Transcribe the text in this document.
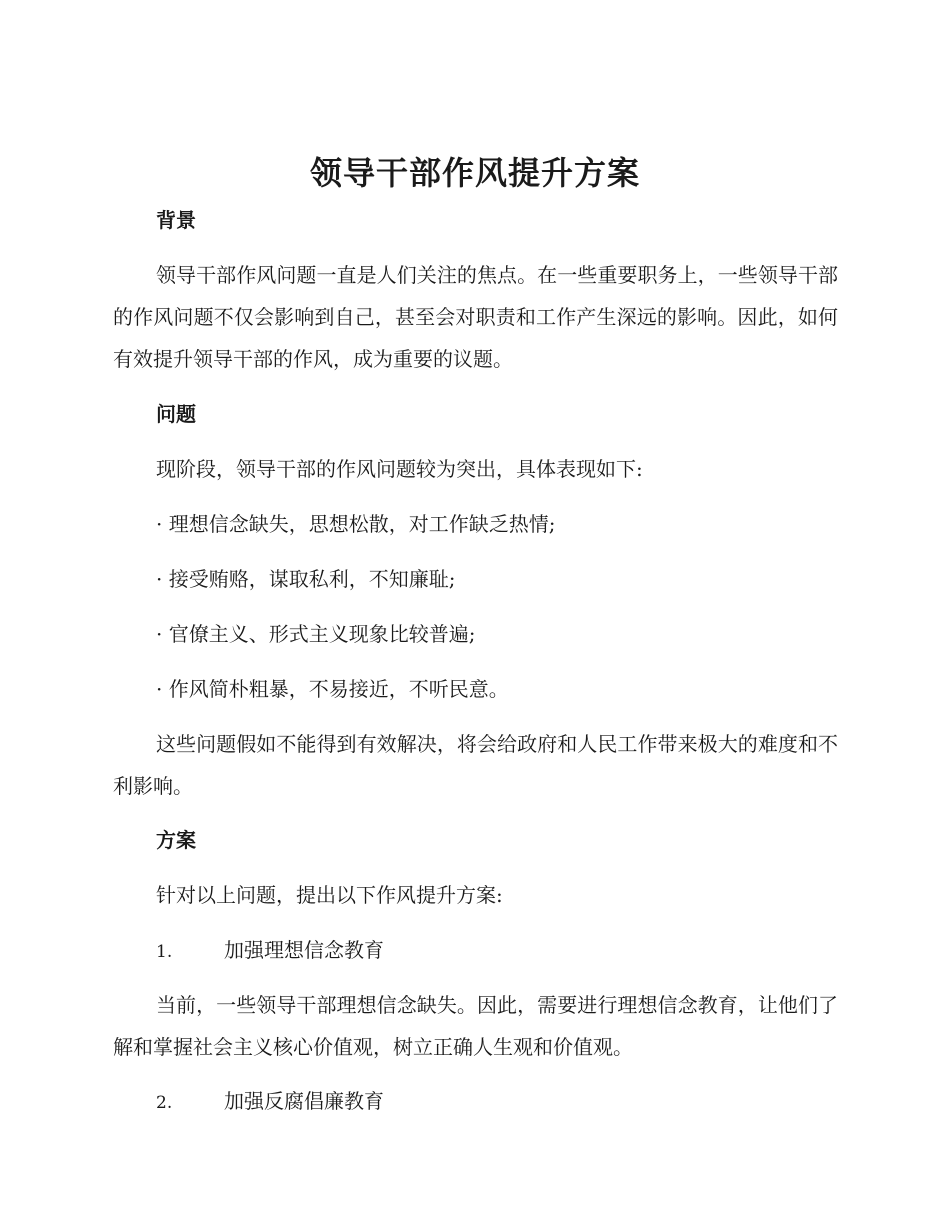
领导干部作风提升方案
背景

领导干部作风问题一直是人们关注的焦点。在一些重要职务上，一些领导干部的作风问题不仅会影响到自己，甚至会对职责和工作产生深远的影响。因此，如何有效提升领导干部的作风，成为重要的议题。

问题

现阶段，领导干部的作风问题较为突出，具体表现如下:

· 理想信念缺失，思想松散，对工作缺乏热情;

· 接受贿赂，谋取私利，不知廉耻;

· 官僚主义、形式主义现象比较普遍;

· 作风简朴粗暴，不易接近，不听民意。

这些问题假如不能得到有效解决，将会给政府和人民工作带来极大的难度和不利影响。

方案

针对以上问题，提出以下作风提升方案:

1.	加强理想信念教育

当前，一些领导干部理想信念缺失。因此，需要进行理想信念教育，让他们了解和掌握社会主义核心价值观，树立正确人生观和价值观。

2.	加强反腐倡廉教育
